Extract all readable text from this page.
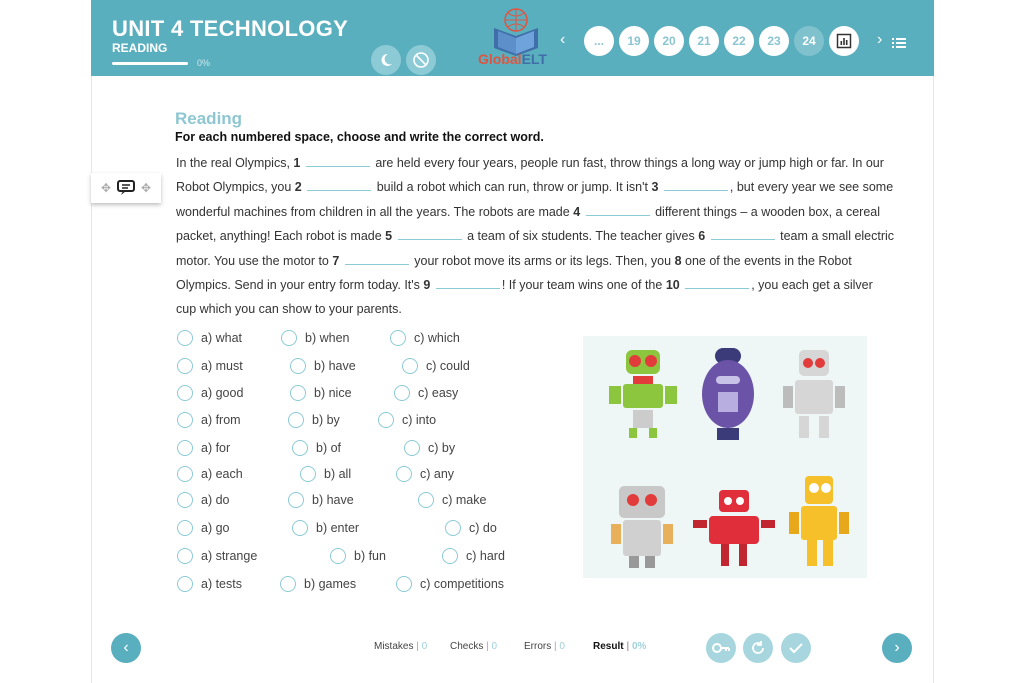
UNIT 4 TECHNOLOGY
READING
0%	GlobalELT
‹	...	19	20	21	22	23	24	›
✥	✥
Reading
For each numbered space, choose and write the correct word.
In the real Olympics, 1	are held every four years, people run fast, throw things a long way or jump high or far. In our Robot Olympics, you 2	build a robot which can run, throw or jump. It isn't 3	, but every year we see some wonderful machines from children in all the years. The robots are made 4	different things – a wooden box, a cereal packet, anything! Each robot is made 5	a team of six students. The teacher gives 6	team a small electric motor. You use the motor to 7	your robot move its arms or its legs. Then, you 8 one of the events in the Robot Olympics. Send in your entry form today. It's 9	! If your team wins one of the 10	, you each get a silver cup which you can show to your parents.
a) what	b) when	c) which
a) must	b) have	c) could
a) good	b) nice	c) easy
a) from	b) by	c) into
a) for	b) of	c) by
a) each	b) all	c) any
a) do	b) have	c) make
a) go	b) enter	c) do
a) strange	b) fun	c) hard
a) tests	b) games	c) competitions
‹	Mistakes | 0 Checks | 0	Errors | 0	Result | 0%	›
